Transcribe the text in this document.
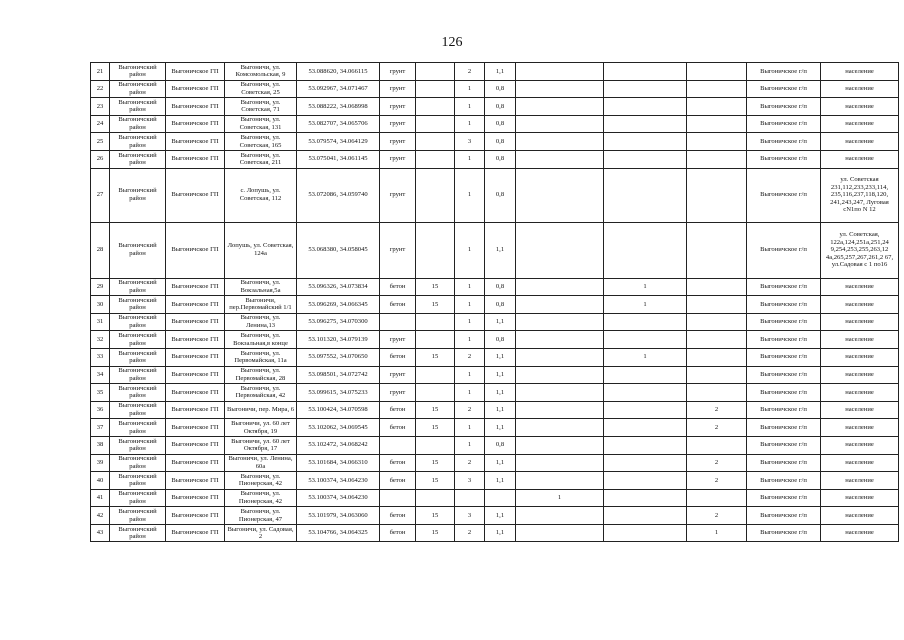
126
21	Выгоничский район	Выгоничское ГП	Выгоничи, ул. Комсомольская, 9	53.088620, 34.066115	грунт		2	1,1				Выгоничское г/п	население
22	Выгоничский район	Выгоничское ГП	Выгоничи, ул. Советская, 25	53.092967, 34.071467	грунт		1	0,8				Выгоничское г/п	население
23	Выгоничский район	Выгоничское ГП	Выгоничи, ул. Советская, 71	53.088222, 34.068998	грунт		1	0,8				Выгоничское г/п	население
24	Выгоничский район	Выгоничское ГП	Выгоничи, ул. Советская, 131	53.082707, 34.065706	грунт		1	0,8				Выгоничское г/п	население
25	Выгоничский район	Выгоничское ГП	Выгоничи, ул. Советская, 165	53.079574, 34.064129	грунт		3	0,8				Выгоничское г/п	население
26	Выгоничский район	Выгоничское ГП	Выгоничи, ул. Советская, 211	53.075041, 34.061145	грунт		1	0,8				Выгоничское г/п	население
27	Выгоничский район	Выгоничское ГП	с. Лопушь, ул. Советская, 112	53.072086, 34.059740	грунт		1	0,8				Выгоничское г/п	ул. Советская 231,112,233,233,114, 235,116,237,118,120, 241,243,247, Луговая сN1по N 12
28	Выгоничский район	Выгоничское ГП	Лопушь, ул. Советская, 124а	53.068380, 34.058045	грунт		1	1,1				Выгоничское г/п	ул. Советская, 122а,124,251а,251,24 9,254,253,255,263,12 4а,265,257,267,261,2 67, ул.Садовая с 1 по16
29	Выгоничский район	Выгоничское ГП	Выгоничи, ул. Вокзальная,5а	53.096326, 34.073834	бетон	15	1	0,8		1		Выгоничское г/п	население
30	Выгоничский район	Выгоничское ГП	Выгоничи, пер.Первомайский 1/1	53.096269, 34.066345	бетон	15	1	0,8		1		Выгоничское г/п	население
31	Выгоничский район	Выгоничское ГП	Выгоничи, ул. Ленина,13	53.096275, 34.070300			1	1,1				Выгоничское г/п	население
32	Выгоничский район	Выгоничское ГП	Выгоничи, ул. Вокзальная,в конце	53.101320, 34.079139	грунт		1	0,8				Выгоничское г/п	население
33	Выгоничский район	Выгоничское ГП	Выгоничи, ул. Первомайская, 11а	53.097552, 34.070650	бетон	15	2	1,1		1		Выгоничское г/п	население
34	Выгоничский район	Выгоничское ГП	Выгоничи, ул. Первомайская, 28	53.098501, 34.072742	грунт		1	1,1				Выгоничское г/п	население
35	Выгоничский район	Выгоничское ГП	Выгоничи, ул. Первомайская, 42	53.099615, 34.075233	грунт		1	1,1				Выгоничское г/п	население
36	Выгоничский район	Выгоничское ГП	Выгоничи, пер. Мира, 6	53.100424, 34.070598	бетон	15	2	1,1			2	Выгоничское г/п	население
37	Выгоничский район	Выгоничское ГП	Выгоничи, ул. 60 лет Октября, 19	53.102062, 34.069545	бетон	15	1	1,1			2	Выгоничское г/п	население
38	Выгоничский район	Выгоничское ГП	Выгоничи, ул. 60 лет Октября, 17	53.102472, 34.068242			1	0,8				Выгоничское г/п	население
39	Выгоничский район	Выгоничское ГП	Выгоничи, ул. Ленина, 60а	53.101684, 34.066310	бетон	15	2	1,1			2	Выгоничское г/п	население
40	Выгоничский район	Выгоничское ГП	Выгоничи, ул. Пионерская, 42	53.100374, 34.064230	бетон	15	3	1,1			2	Выгоничское г/п	население
41	Выгоничский район	Выгоничское ГП	Выгоничи, ул. Пионерская, 42	53.100374, 34.064230					1			Выгоничское г/п	население
42	Выгоничский район	Выгоничское ГП	Выгоничи, ул. Пионерская, 47	53.101979, 34.063060	бетон	15	3	1,1			2	Выгоничское г/п	население
43	Выгоничский район	Выгоничское ГП	Выгоничи, ул. Садовая, 2	53.104766, 34.064325	бетон	15	2	1,1			1	Выгоничское г/п	население
